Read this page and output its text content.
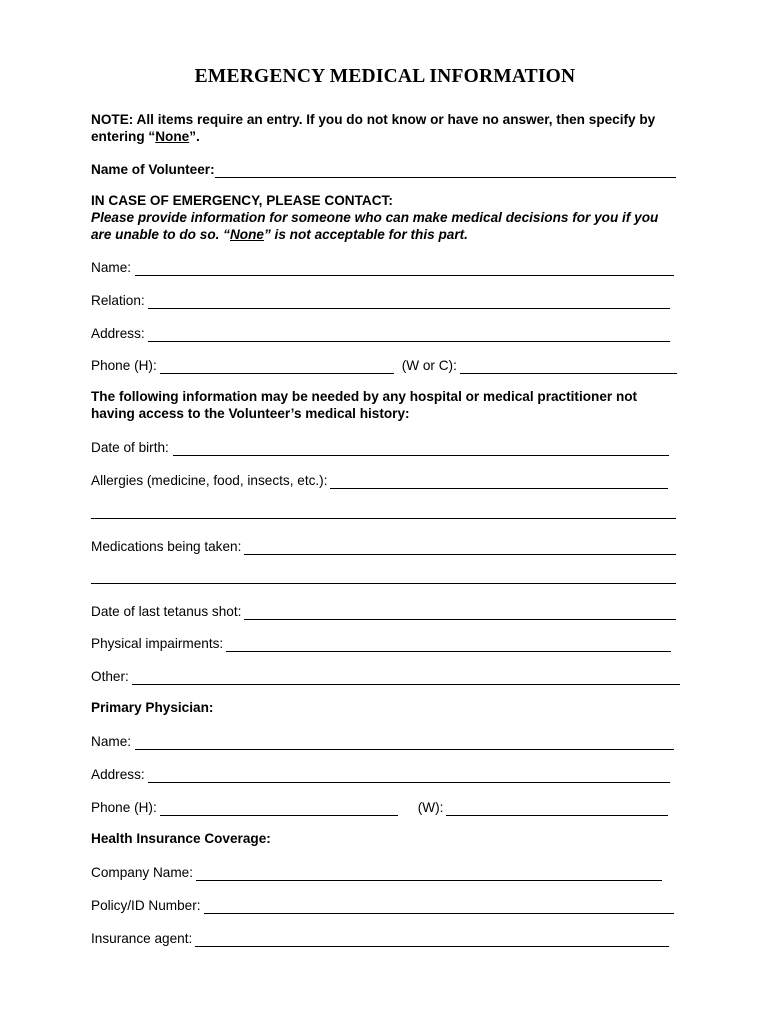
EMERGENCY MEDICAL INFORMATION
NOTE: All items require an entry. If you do not know or have no answer, then specify by
entering “None”.
Name of Volunteer:
IN CASE OF EMERGENCY, PLEASE CONTACT:
Please provide information for someone who can make medical decisions for you if you
are unable to do so. “None” is not acceptable for this part.
Name:
Relation:
Address:
Phone (H):	(W or C):
The following information may be needed by any hospital or medical practitioner not
having access to the Volunteer’s medical history:
Date of birth:
Allergies (medicine, food, insects, etc.):
Medications being taken:
Date of last tetanus shot:
Physical impairments:
Other:
Primary Physician:
Name:
Address:
Phone (H):	(W):
Health Insurance Coverage:
Company Name:
Policy/ID Number:
Insurance agent:
